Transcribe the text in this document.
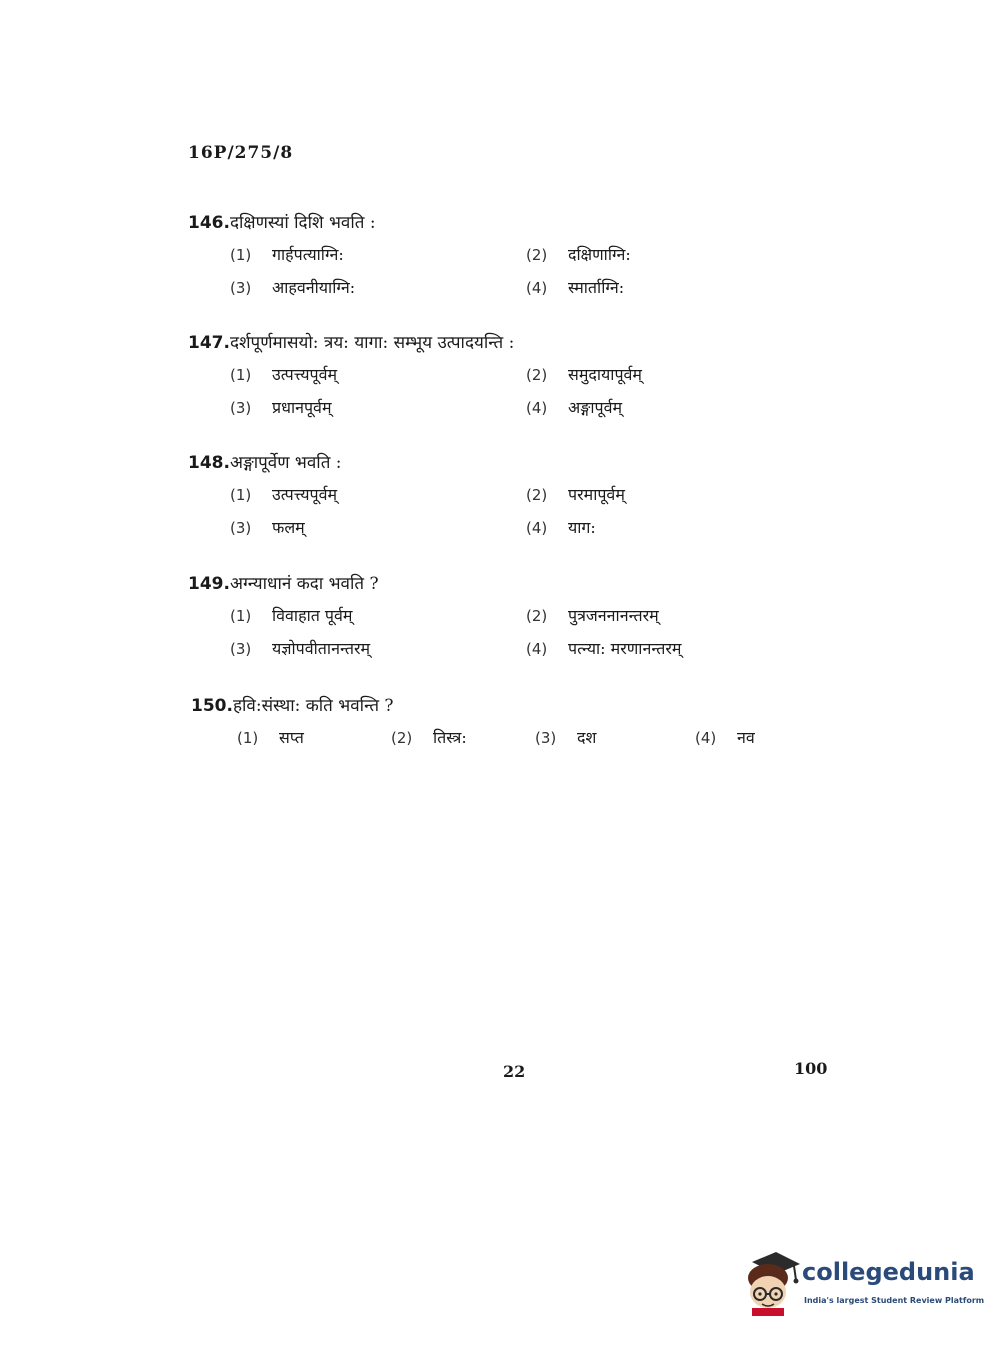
16P/275/8
146.दक्षिणस्यां दिशि भवति :
(1) गार्हपत्याग्नि:	(2) दक्षिणाग्नि:
(3) आहवनीयाग्नि:	(4) स्मार्ताग्नि:
147.दर्शपूर्णमासयो: त्रय: यागा: सम्भूय उत्पादयन्ति :
(1) उत्पत्त्यपूर्वम्	(2) समुदायापूर्वम्
(3) प्रधानपूर्वम्	(4) अङ्गापूर्वम्
148.अङ्गापूर्वेण भवति :
(1) उत्पत्त्यपूर्वम्	(2) परमापूर्वम्
(3) फलम्	(4) याग:
149.अग्न्याधानं कदा भवति ?
(1) विवाहात पूर्वम्	(2) पुत्रजननानन्तरम्
(3) यज्ञोपवीतानन्तरम्	(4) पत्न्या: मरणानन्तरम्
150.हवि:संस्था: कति भवन्ति ?
(1) सप्त	(2) तिस्त्र:	(3) दश	(4) नव
22	100
collegedunia
India's largest Student Review Platform
